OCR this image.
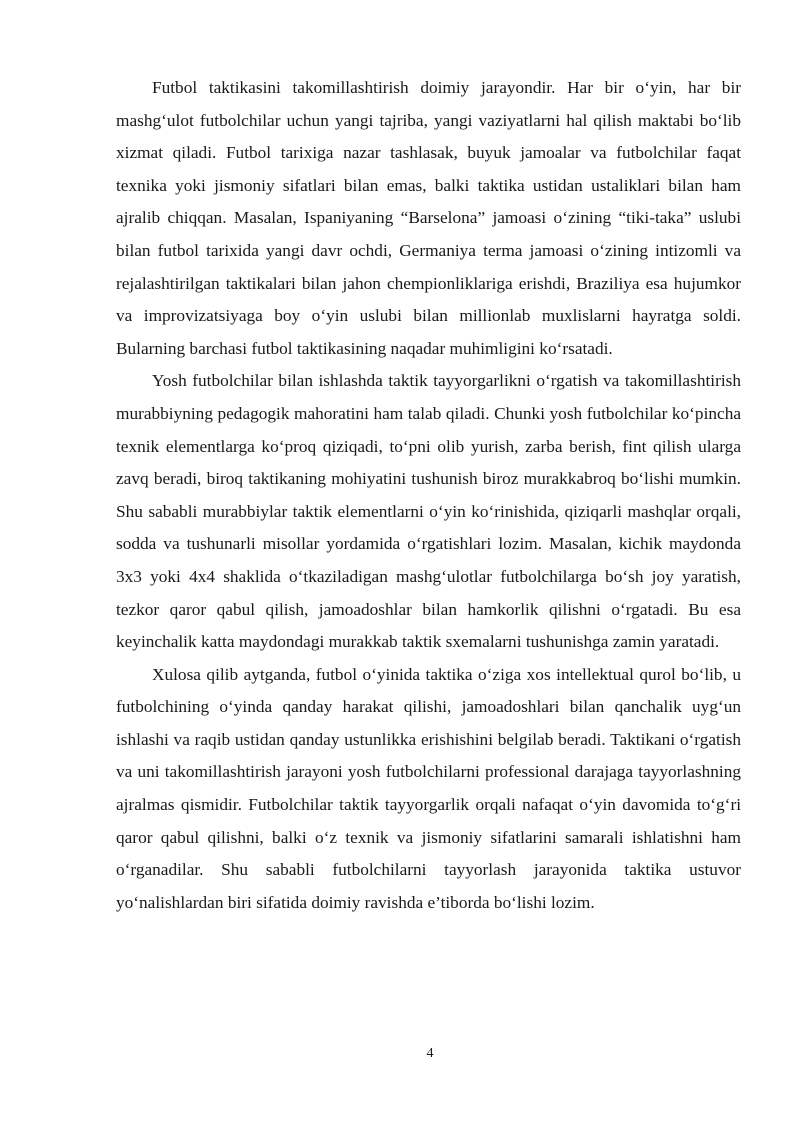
Futbol taktikasini takomillashtirish doimiy jarayondir. Har bir o‘yin, har bir mashg‘ulot futbolchilar uchun yangi tajriba, yangi vaziyatlarni hal qilish maktabi bo‘lib xizmat qiladi. Futbol tarixiga nazar tashlasak, buyuk jamoalar va futbolchilar faqat texnika yoki jismoniy sifatlari bilan emas, balki taktika ustidan ustaliklari bilan ham ajralib chiqqan. Masalan, Ispaniyaning “Barselona” jamoasi o‘zining “tiki-taka” uslubi bilan futbol tarixida yangi davr ochdi, Germaniya terma jamoasi o‘zining intizomli va rejalashtirilgan taktikalari bilan jahon chempionliklariga erishdi, Braziliya esa hujumkor va improvizatsiyaga boy o‘yin uslubi bilan millionlab muxlislarni hayratga soldi. Bularning barchasi futbol taktikasining naqadar muhimligini ko‘rsatadi.

Yosh futbolchilar bilan ishlashda taktik tayyorgarlikni o‘rgatish va takomillashtirish murabbiyning pedagogik mahoratini ham talab qiladi. Chunki yosh futbolchilar ko‘pincha texnik elementlarga ko‘proq qiziqadi, to‘pni olib yurish, zarba berish, fint qilish ularga zavq beradi, biroq taktikaning mohiyatini tushunish biroz murakkabroq bo‘lishi mumkin. Shu sababli murabbiylar taktik elementlarni o‘yin ko‘rinishida, qiziqarli mashqlar orqali, sodda va tushunarli misollar yordamida o‘rgatishlari lozim. Masalan, kichik maydonda 3x3 yoki 4x4 shaklida o‘tkaziladigan mashg‘ulotlar futbolchilarga bo‘sh joy yaratish, tezkor qaror qabul qilish, jamoadoshlar bilan hamkorlik qilishni o‘rgatadi. Bu esa keyinchalik katta maydondagi murakkab taktik sxemalarni tushunishga zamin yaratadi.

Xulosa qilib aytganda, futbol o‘yinida taktika o‘ziga xos intellektual qurol bo‘lib, u futbolchining o‘yinda qanday harakat qilishi, jamoadoshlari bilan qanchalik uyg‘un ishlashi va raqib ustidan qanday ustunlikka erishishini belgilab beradi. Taktikani o‘rgatish va uni takomillashtirish jarayoni yosh futbolchilarni professional darajaga tayyorlashning ajralmas qismidir. Futbolchilar taktik tayyorgarlik orqali nafaqat o‘yin davomida to‘g‘ri qaror qabul qilishni, balki o‘z texnik va jismoniy sifatlarini samarali ishlatishni ham o‘rganadilar. Shu sababli futbolchilarni tayyorlash jarayonida taktika ustuvor yo‘nalishlardan biri sifatida doimiy ravishda e’tiborda bo‘lishi lozim.

4
